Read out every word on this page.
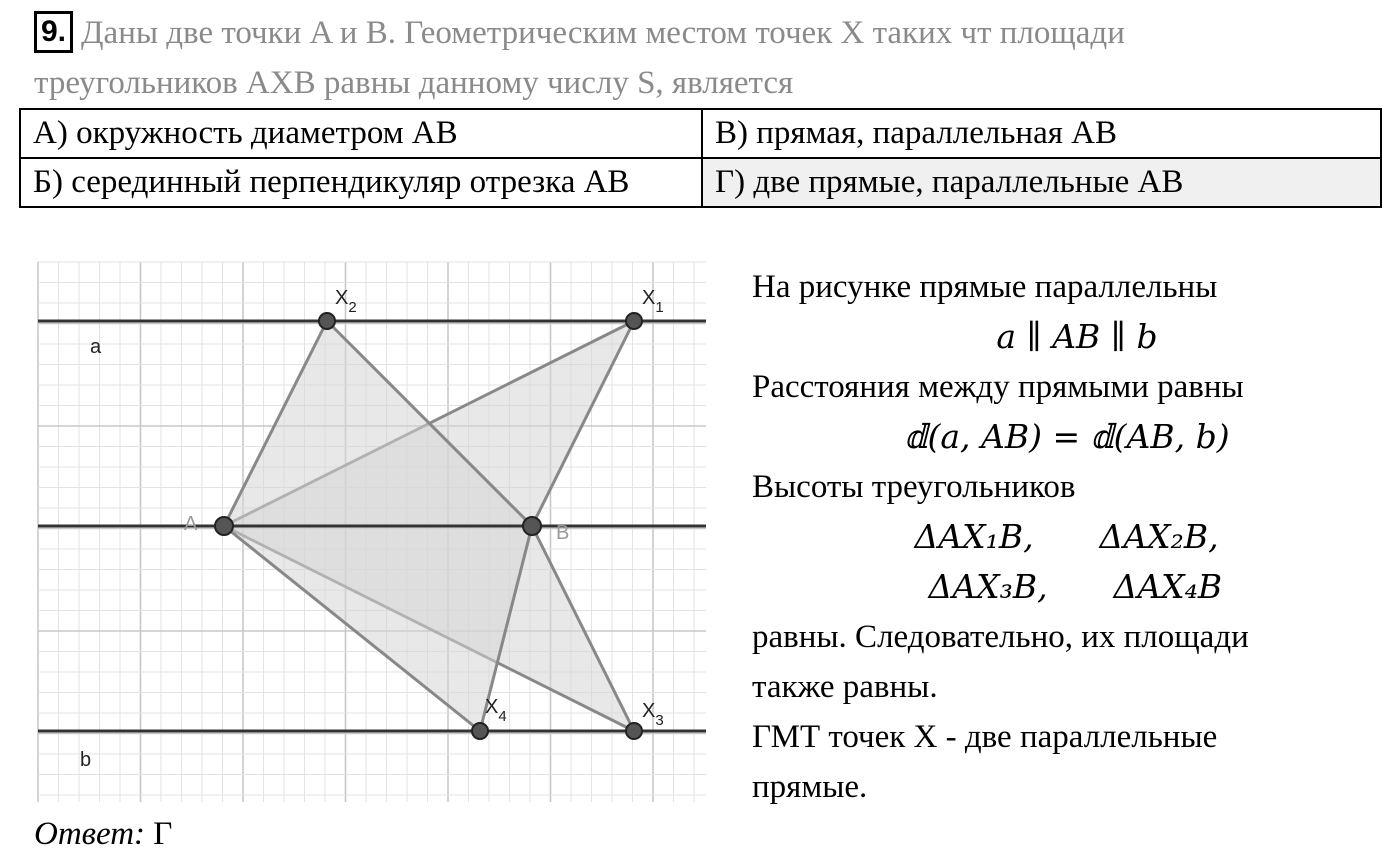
9. Даны две точки A и B. Геометрическим местом точек X таких чт площади
треугольников AXB равны данному числу S, является
А) окружность диаметром AB	В) прямая, параллельная AB
Б) серединный перпендикуляр отрезка AB	Г) две прямые, параллельные AB
a
b
A	B
$X_1$
$X_2$
$X_3$
$X_4$
На рисунке прямые параллельны
a ∥ AB ∥ b
Расстояния между прямыми равны
𝕕(a, AB) = 𝕕(AB, b)
Высоты треугольников
ΔAX₁B, ΔAX₂B,
ΔAX₃B, ΔAX₄B
равны. Следовательно, их площади
также равны.
ГМТ точек X - две параллельные
прямые.
Ответ: Г
